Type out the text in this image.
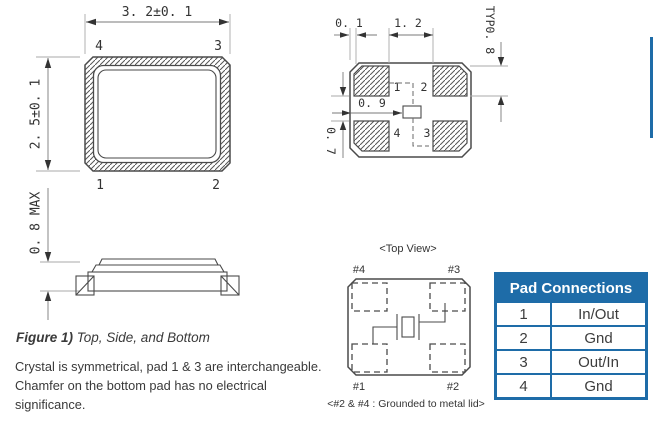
3. 2±0. 1
2. 5±0. 1
4	3
1	2
0. 8 MAX
1 2
4 3
0. 1	1. 2	TYP0. 8
0. 7
0. 9
<Top View>
#4	#3
#1	#2
<#2 & #4 : Grounded to metal lid>
Figure 1) Top, Side, and Bottom
Crystal is symmetrical, pad 1 & 3 are interchangeable.
Chamfer on the bottom pad has no electrical
significance.
Pad Connections
1	In/Out
2	Gnd
3	Out/In
4	Gnd
